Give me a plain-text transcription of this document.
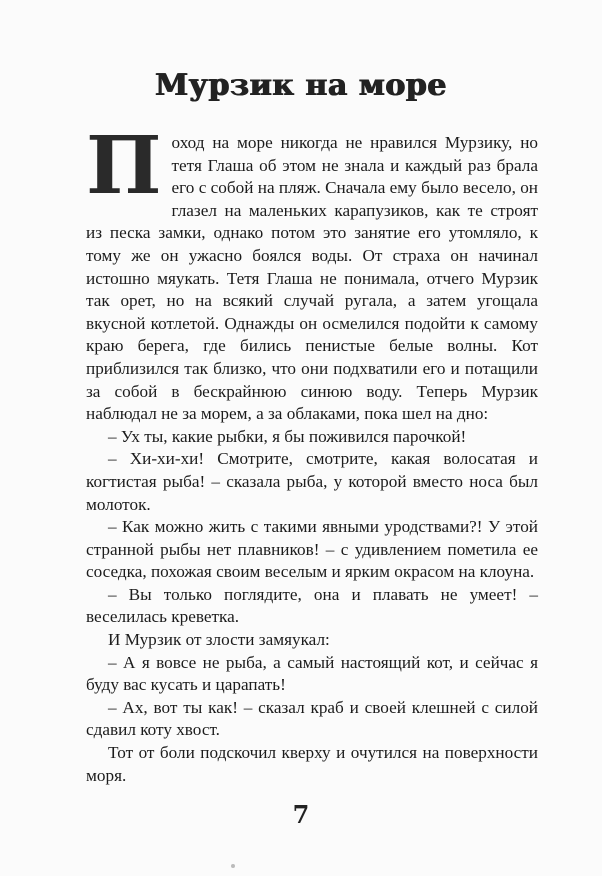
Мурзик на море

Поход на море никогда не нравился Мурзику, но тетя Глаша об этом не знала и каждый раз брала его с собой на пляж. Сначала ему было весело, он глазел на маленьких карапузиков, как те строят из песка замки, однако потом это занятие его утомляло, к тому же он ужасно боялся воды. От страха он начинал истошно мяукать. Тетя Глаша не понимала, отчего Мурзик так орет, но на всякий случай ругала, а затем угощала вкусной котлетой. Однажды он осмелился подойти к самому краю берега, где бились пенистые белые волны. Кот приблизился так близко, что они подхватили его и потащили за собой в бескрайнюю синюю воду. Теперь Мурзик наблюдал не за морем, а за облаками, пока шел на дно:

– Ух ты, какие рыбки, я бы поживился парочкой!

– Хи-хи-хи! Смотрите, смотрите, какая волосатая и когтистая рыба! – сказала рыба, у которой вместо носа был молоток.

– Как можно жить с такими явными уродствами?! У этой странной рыбы нет плавников! – с удивлением пометила ее соседка, похожая своим веселым и ярким окрасом на клоуна.

– Вы только поглядите, она и плавать не умеет! – веселилась креветка.

И Мурзик от злости замяукал:

– А я вовсе не рыба, а самый настоящий кот, и сейчас я буду вас кусать и царапать!

– Ах, вот ты как! – сказал краб и своей клешней с силой сдавил коту хвост.

Тот от боли подскочил кверху и очутился на поверхности моря.

7
